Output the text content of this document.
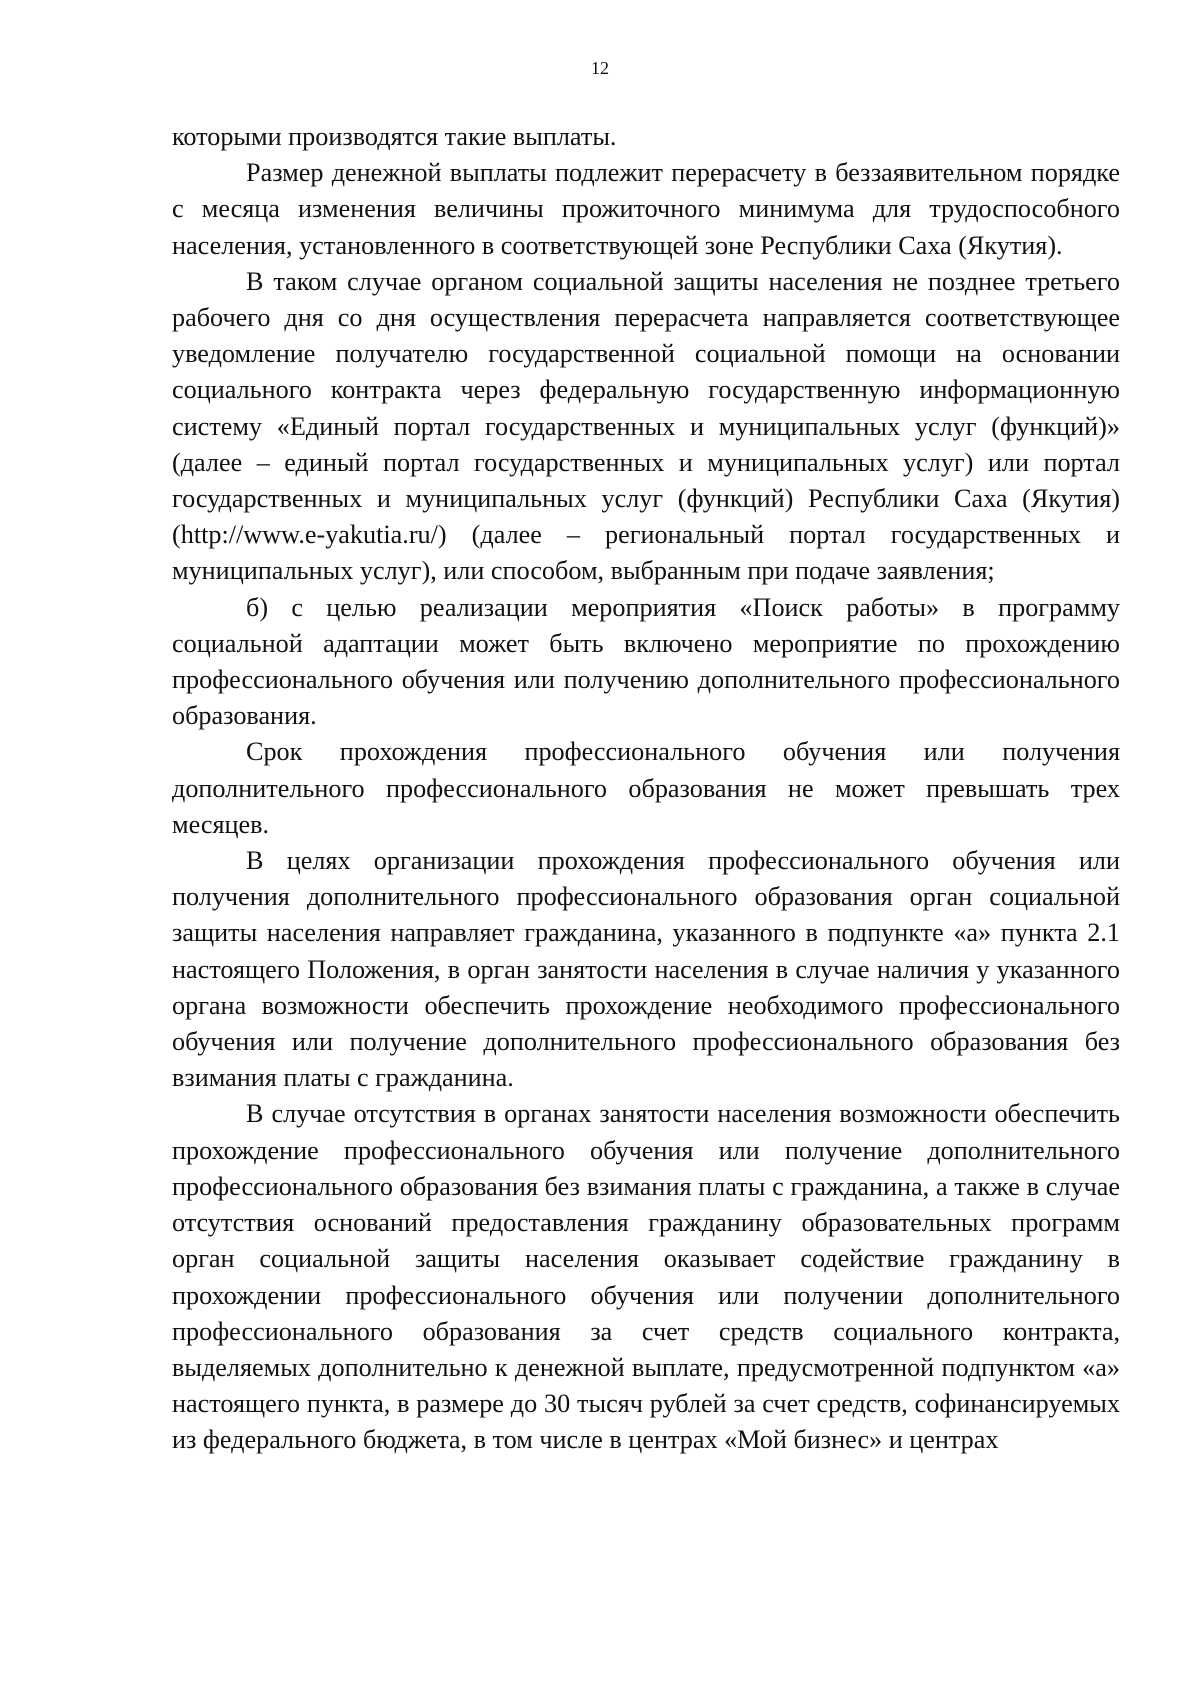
12

которыми производятся такие выплаты.

Размер денежной выплаты подлежит перерасчету в беззаявительном порядке с месяца изменения величины прожиточного минимума для трудоспособного населения, установленного в соответствующей зоне Республики Саха (Якутия).

В таком случае органом социальной защиты населения не позднее третьего рабочего дня со дня осуществления перерасчета направляется соответствующее уведомление получателю государственной социальной помощи на основании социального контракта через федеральную государственную информационную систему «Единый портал государственных и муниципальных услуг (функций)» (далее – единый портал государственных и муниципальных услуг) или портал государственных и муниципальных услуг (функций) Республики Саха (Якутия) (http://www.e-yakutia.ru/) (далее – региональный портал государственных и муниципальных услуг), или способом, выбранным при подаче заявления;

б) с целью реализации мероприятия «Поиск работы» в программу социальной адаптации может быть включено мероприятие по прохождению профессионального обучения или получению дополнительного профессионального образования.

Срок прохождения профессионального обучения или получения дополнительного профессионального образования не может превышать трех месяцев.

В целях организации прохождения профессионального обучения или получения дополнительного профессионального образования орган социальной защиты населения направляет гражданина, указанного в подпункте «а» пункта 2.1 настоящего Положения, в орган занятости населения в случае наличия у указанного органа возможности обеспечить прохождение необходимого профессионального обучения или получение дополнительного профессионального образования без взимания платы с гражданина.

В случае отсутствия в органах занятости населения возможности обеспечить прохождение профессионального обучения или получение дополнительного профессионального образования без взимания платы с гражданина, а также в случае отсутствия оснований предоставления гражданину образовательных программ орган социальной защиты населения оказывает содействие гражданину в прохождении профессионального обучения или получении дополнительного профессионального образования за счет средств социального контракта, выделяемых дополнительно к денежной выплате, предусмотренной подпунктом «а» настоящего пункта, в размере до 30 тысяч рублей за счет средств, софинансируемых из федерального бюджета, в том числе в центрах «Мой бизнес» и центрах
